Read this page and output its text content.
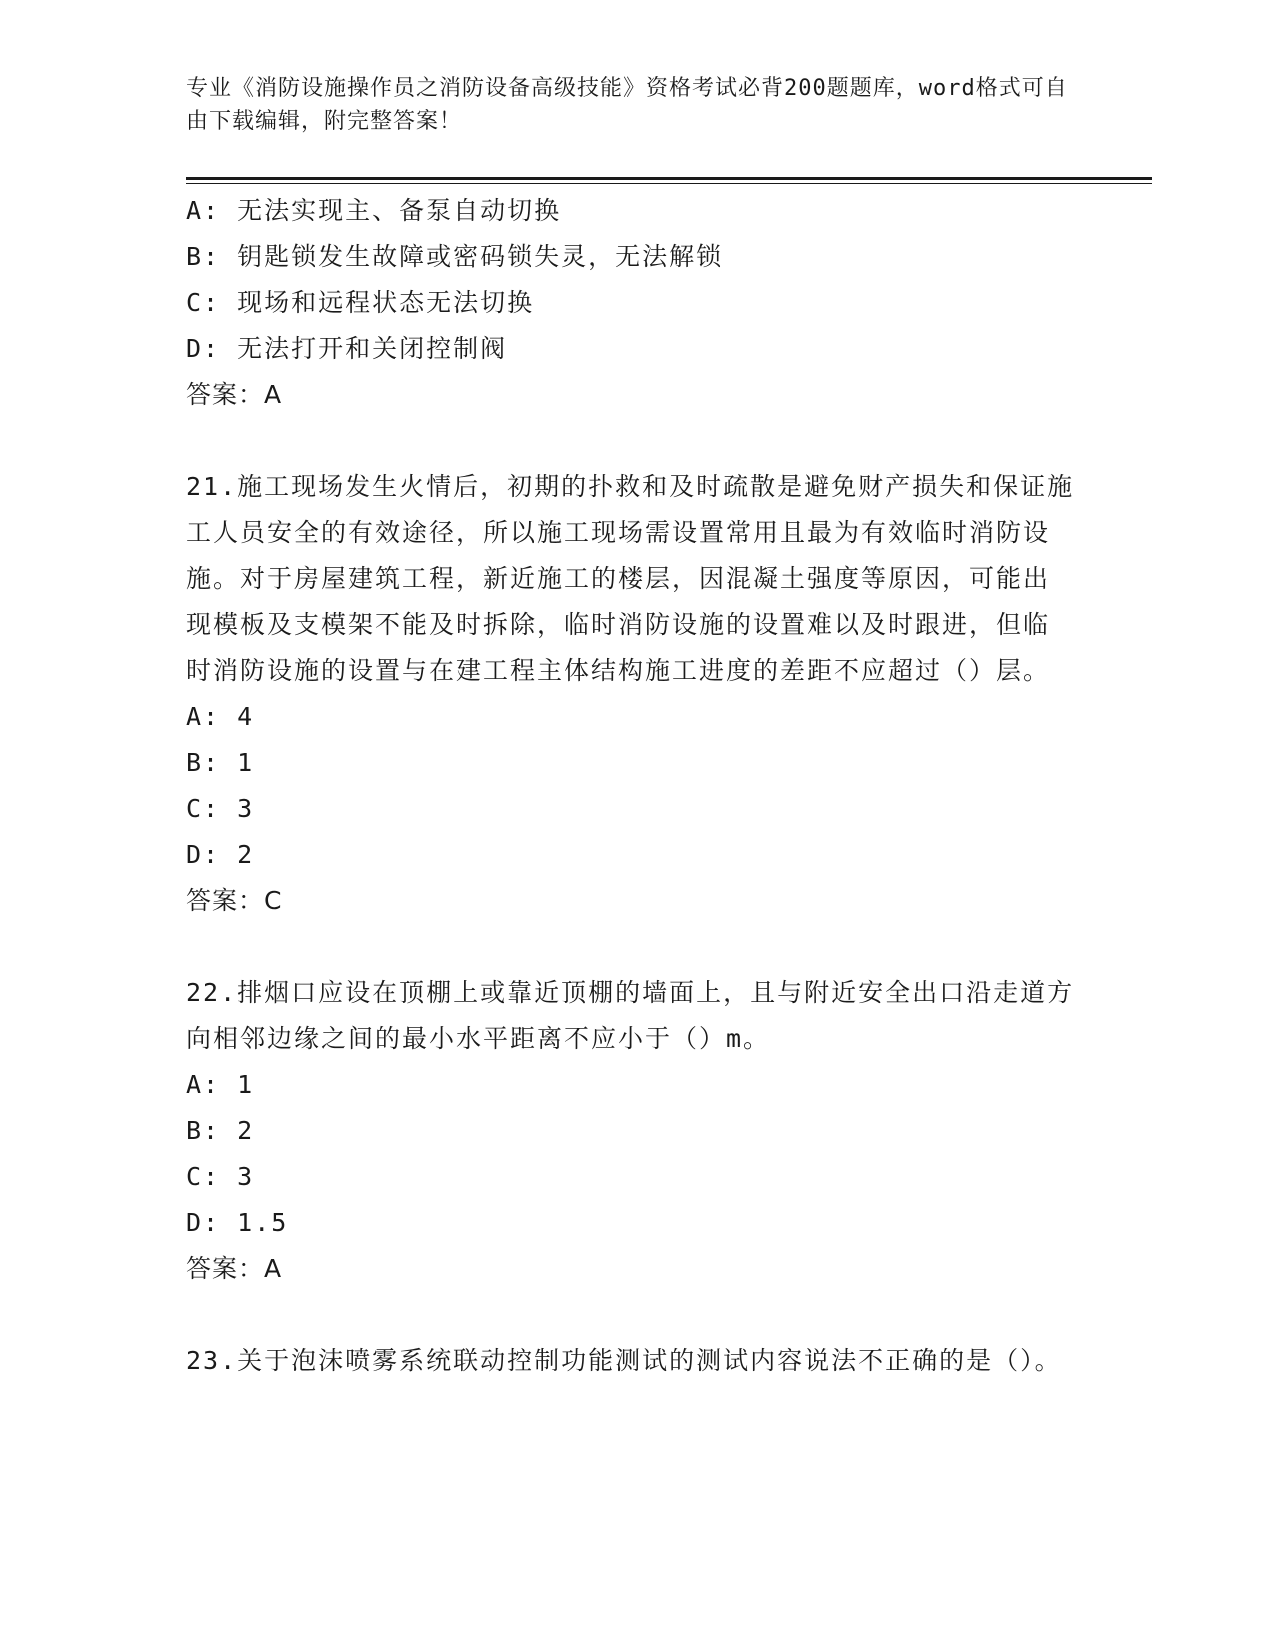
专业《消防设施操作员之消防设备高级技能》资格考试必背200题题库，word格式可自由下载编辑，附完整答案！
A: 无法实现主、备泵自动切换
B: 钥匙锁发生故障或密码锁失灵，无法解锁
C: 现场和远程状态无法切换
D: 无法打开和关闭控制阀
答案：A
21.施工现场发生火情后，初期的扑救和及时疏散是避免财产损失和保证施工人员安全的有效途径，所以施工现场需设置常用且最为有效临时消防设施。对于房屋建筑工程，新近施工的楼层，因混凝土强度等原因，可能出现模板及支模架不能及时拆除，临时消防设施的设置难以及时跟进，但临时消防设施的设置与在建工程主体结构施工进度的差距不应超过（）层。
A: 4
B: 1
C: 3
D: 2
答案：C
22.排烟口应设在顶棚上或靠近顶棚的墙面上，且与附近安全出口沿走道方向相邻边缘之间的最小水平距离不应小于（）m。
A: 1
B: 2
C: 3
D: 1.5
答案：A
23.关于泡沫喷雾系统联动控制功能测试的测试内容说法不正确的是（）。
